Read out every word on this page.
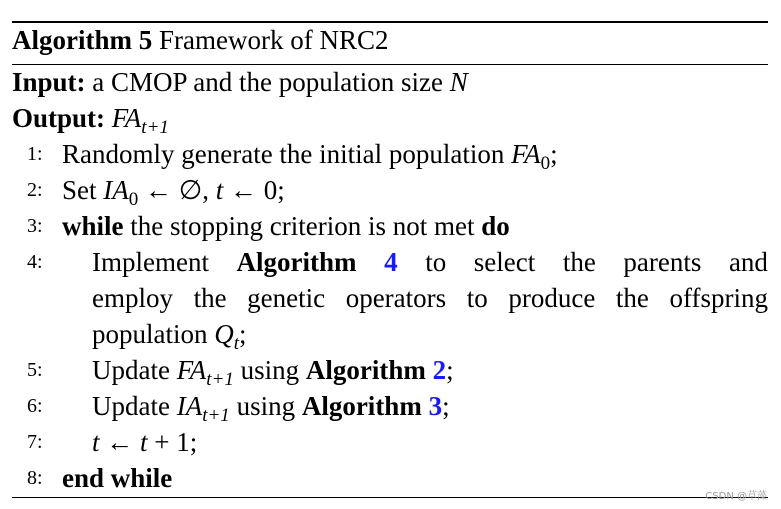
Algorithm 5 Framework of NRC2
Input: a CMOP and the population size N
Output: $FA_{t+1}$
1: Randomly generate the initial population $FA_0$;
2: Set $IA_0$ ← ∅, t ← 0;
3: while the stopping criterion is not met do
4:	Implement Algorithm 4 to select the parents and
employ the genetic operators to produce the offspring
population $Q_t$;
5:	Update $FA_{t+1}$ using Algorithm 2;
6:	Update $IA_{t+1}$ using Algorithm 3;
7:	t ← t + 1;
8: end while
CSDN @草藻
